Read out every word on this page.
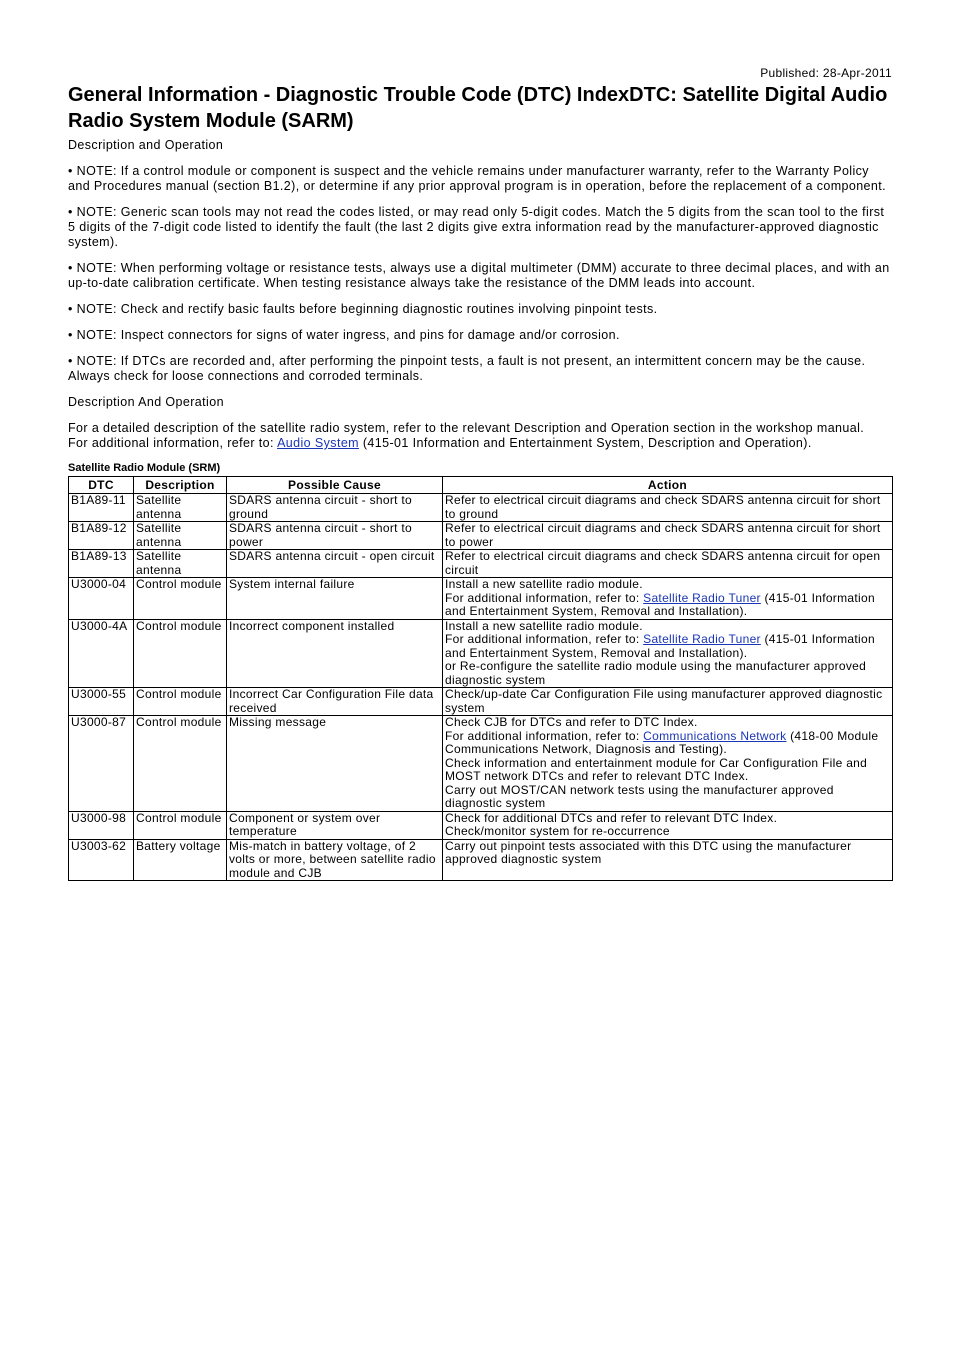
Published: 28-Apr-2011
General Information - Diagnostic Trouble Code (DTC) IndexDTC: Satellite Digital Audio Radio System Module (SARM)
Description and Operation
• NOTE: If a control module or component is suspect and the vehicle remains under manufacturer warranty, refer to the Warranty Policy and Procedures manual (section B1.2), or determine if any prior approval program is in operation, before the replacement of a component.
• NOTE: Generic scan tools may not read the codes listed, or may read only 5-digit codes. Match the 5 digits from the scan tool to the first 5 digits of the 7-digit code listed to identify the fault (the last 2 digits give extra information read by the manufacturer-approved diagnostic system).
• NOTE: When performing voltage or resistance tests, always use a digital multimeter (DMM) accurate to three decimal places, and with an up-to-date calibration certificate. When testing resistance always take the resistance of the DMM leads into account.
• NOTE: Check and rectify basic faults before beginning diagnostic routines involving pinpoint tests.
• NOTE: Inspect connectors for signs of water ingress, and pins for damage and/or corrosion.
• NOTE: If DTCs are recorded and, after performing the pinpoint tests, a fault is not present, an intermittent concern may be the cause. Always check for loose connections and corroded terminals.
Description And Operation
For a detailed description of the satellite radio system, refer to the relevant Description and Operation section in the workshop manual.
For additional information, refer to: Audio System (415-01 Information and Entertainment System, Description and Operation).
Satellite Radio Module (SRM)
DTC	Description	Possible Cause	Action
B1A89-11	Satellite antenna	SDARS antenna circuit - short to ground	Refer to electrical circuit diagrams and check SDARS antenna circuit for short to ground

B1A89-12	Satellite antenna	SDARS antenna circuit - short to power	Refer to electrical circuit diagrams and check SDARS antenna circuit for short to power

B1A89-13	Satellite antenna	SDARS antenna circuit - open circuit	Refer to electrical circuit diagrams and check SDARS antenna circuit for open circuit

U3000-04	Control module	System internal failure	Install a new satellite radio module.
For additional information, refer to: Satellite Radio Tuner (415-01 Information and Entertainment System, Removal and Installation).

U3000-4A	Control module	Incorrect component installed	Install a new satellite radio module.
For additional information, refer to: Satellite Radio Tuner (415-01 Information and Entertainment System, Removal and Installation).
or Re-configure the satellite radio module using the manufacturer approved diagnostic system

U3000-55	Control module	Incorrect Car Configuration File data received	Check/up-date Car Configuration File using manufacturer approved diagnostic system

U3000-87	Control module	Missing message	Check CJB for DTCs and refer to DTC Index.
For additional information, refer to: Communications Network (418-00 Module Communications Network, Diagnosis and Testing).
Check information and entertainment module for Car Configuration File and MOST network DTCs and refer to relevant DTC Index.
Carry out MOST/CAN network tests using the manufacturer approved diagnostic system

U3000-98	Control module	Component or system over temperature	Check for additional DTCs and refer to relevant DTC Index.
Check/monitor system for re-occurrence

U3003-62	Battery voltage	Mis-match in battery voltage, of 2 volts or more, between satellite radio module and CJB	Carry out pinpoint tests associated with this DTC using the manufacturer approved diagnostic system
